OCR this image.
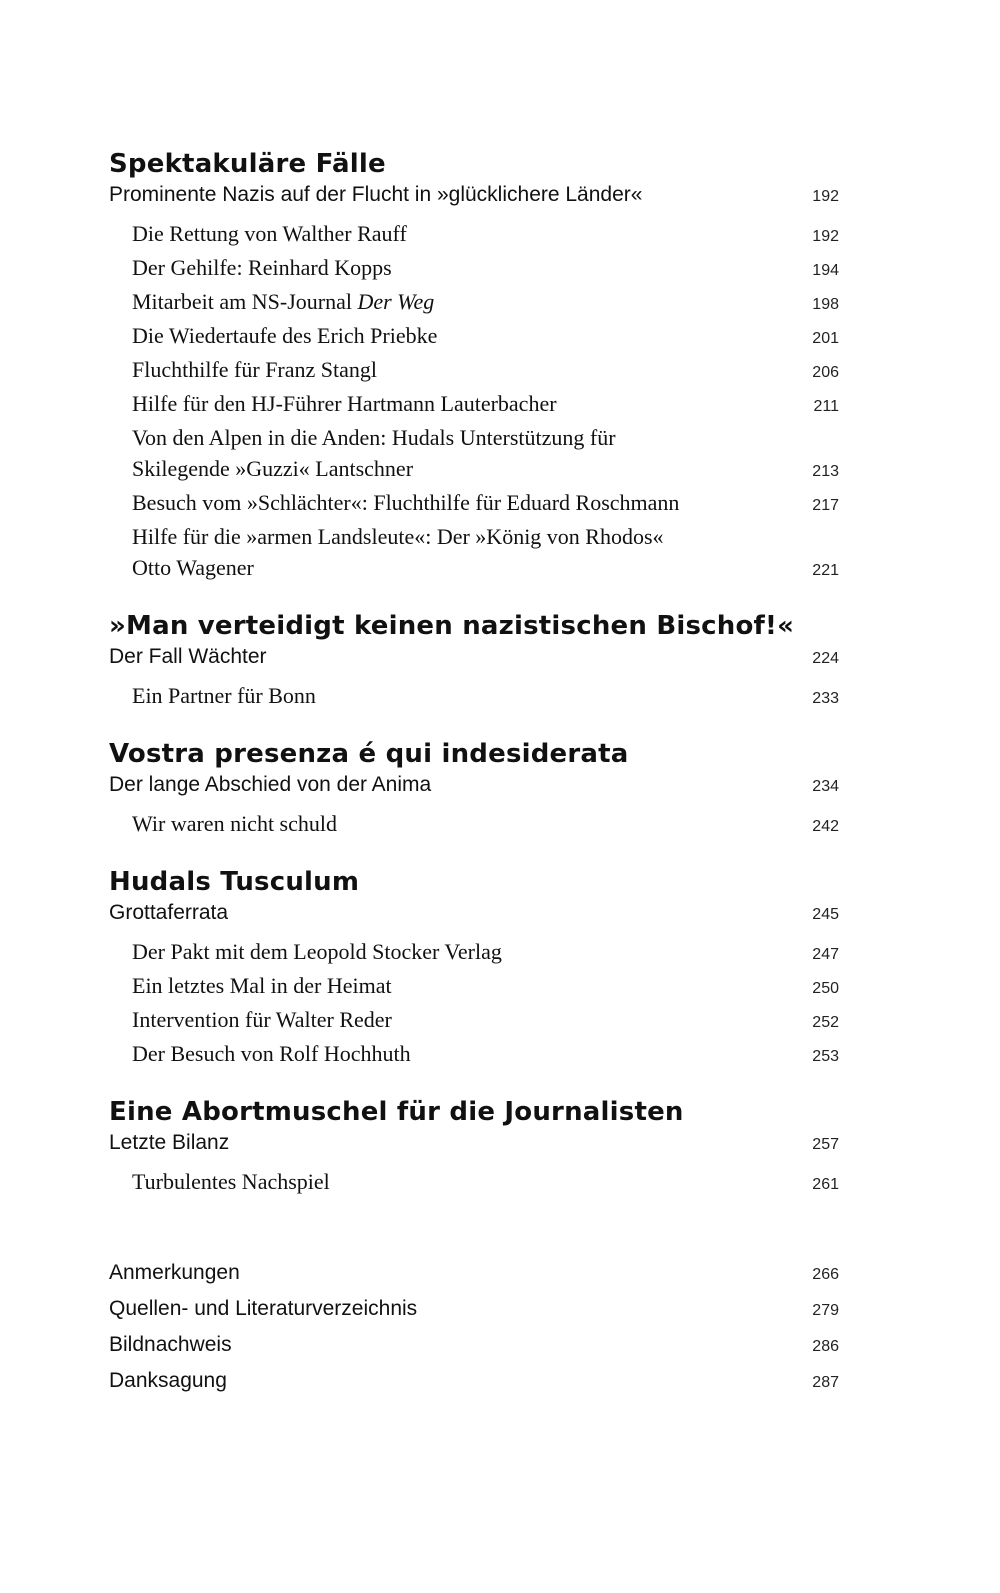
Spektakuläre Fälle
Prominente Nazis auf der Flucht in »glücklichere Länder«	192
Die Rettung von Walther Rauff	192
Der Gehilfe: Reinhard Kopps	194
Mitarbeit am NS-Journal Der Weg	198
Die Wiedertaufe des Erich Priebke	201
Fluchthilfe für Franz Stangl	206
Hilfe für den HJ-Führer Hartmann Lauterbacher	211
Von den Alpen in die Anden: Hudals Unterstützung für
Skilegende »Guzzi« Lantschner	213
Besuch vom »Schlächter«: Fluchthilfe für Eduard Roschmann	217
Hilfe für die »armen Landsleute«: Der »König von Rhodos«
Otto Wagener	221
»Man verteidigt keinen nazistischen Bischof!«
Der Fall Wächter	224
Ein Partner für Bonn	233
Vostra presenza é qui indesiderata
Der lange Abschied von der Anima	234
Wir waren nicht schuld	242
Hudals Tusculum
Grottaferrata	245
Der Pakt mit dem Leopold Stocker Verlag	247
Ein letztes Mal in der Heimat	250
Intervention für Walter Reder	252
Der Besuch von Rolf Hochhuth	253
Eine Abortmuschel für die Journalisten
Letzte Bilanz	257
Turbulentes Nachspiel	261
Anmerkungen	266
Quellen- und Literaturverzeichnis	279
Bildnachweis	286
Danksagung	287
